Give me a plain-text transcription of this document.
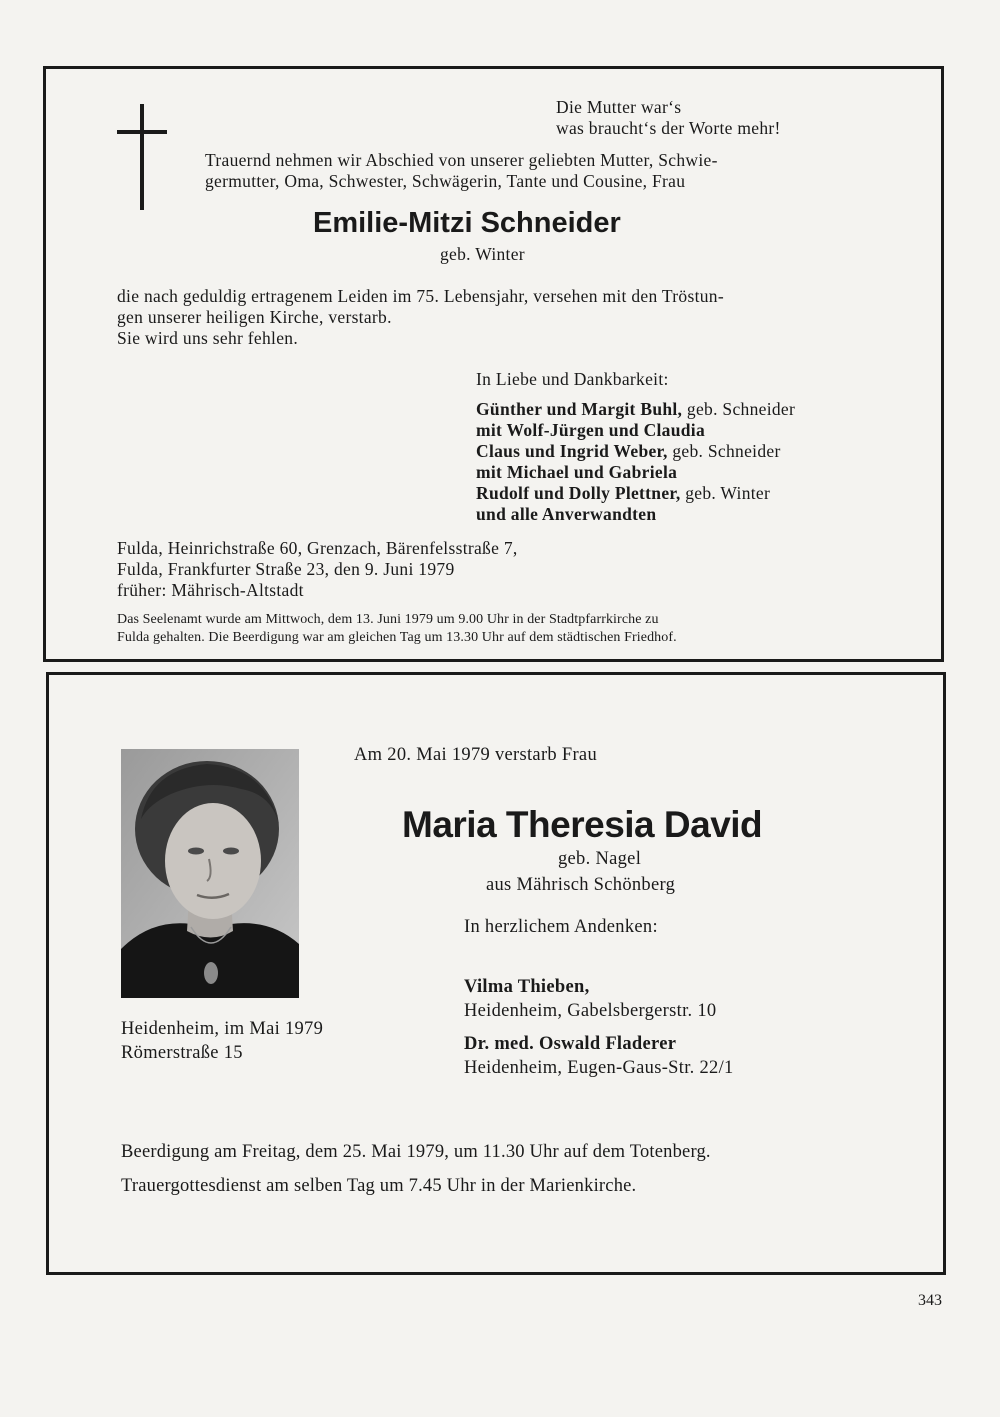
Die Mutter war‘s
was braucht‘s der Worte mehr!
Trauernd nehmen wir Abschied von unserer geliebten Mutter, Schwie-
germutter, Oma, Schwester, Schwägerin, Tante und Cousine, Frau
Emilie-Mitzi Schneider
geb. Winter
die nach geduldig ertragenem Leiden im 75. Lebensjahr, versehen mit den Tröstun-
gen unserer heiligen Kirche, verstarb.
Sie wird uns sehr fehlen.
In Liebe und Dankbarkeit:
Günther und Margit Buhl, geb. Schneider
mit Wolf-Jürgen und Claudia
Claus und Ingrid Weber, geb. Schneider
mit Michael und Gabriela
Rudolf und Dolly Plettner, geb. Winter
und alle Anverwandten
Fulda, Heinrichstraße 60, Grenzach, Bärenfelsstraße 7,
Fulda, Frankfurter Straße 23, den 9. Juni 1979
früher: Mährisch-Altstadt
Das Seelenamt wurde am Mittwoch, dem 13. Juni 1979 um 9.00 Uhr in der Stadtpfarrkirche zu
Fulda gehalten. Die Beerdigung war am gleichen Tag um 13.30 Uhr auf dem städtischen Friedhof.
Am 20. Mai 1979 verstarb Frau
Maria Theresia David
geb. Nagel
aus Mährisch Schönberg
In herzlichem Andenken:
Vilma Thieben,
Heidenheim, Gabelsbergerstr. 10
Dr. med. Oswald Fladerer
Heidenheim, Eugen-Gaus-Str. 22/1
Heidenheim, im Mai 1979
Römerstraße 15
Beerdigung am Freitag, dem 25. Mai 1979, um 11.30 Uhr auf dem Totenberg.
Trauergottesdienst am selben Tag um 7.45 Uhr in der Marienkirche.
343
